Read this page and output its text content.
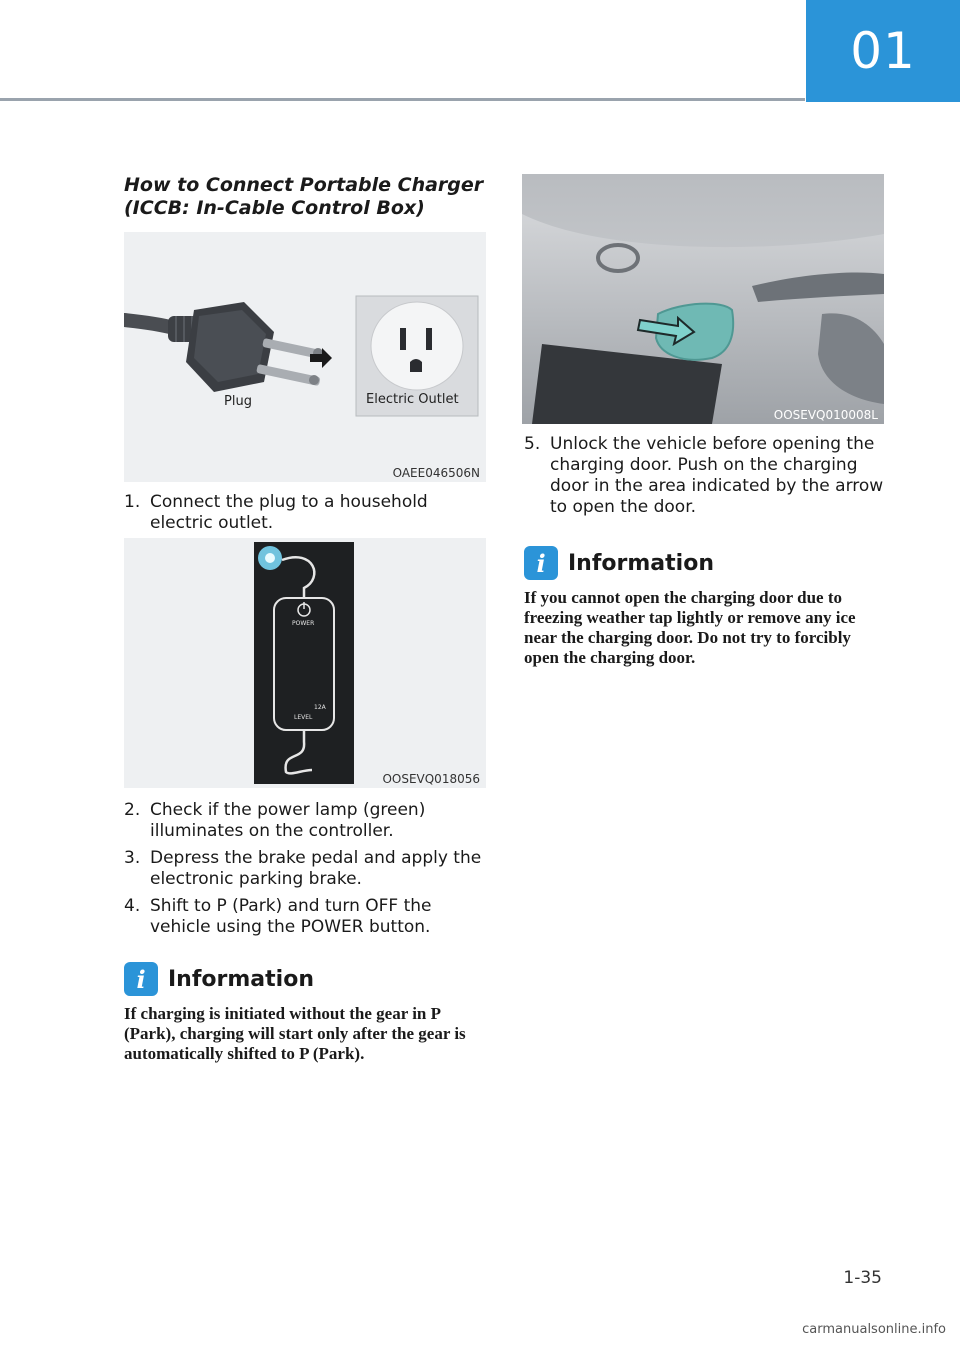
01
How to Connect Portable Charger (ICCB: In-Cable Control Box)
Plug	Electric Outlet
OAEE046506N
1. Connect the plug to a household electric outlet.
POWER
12A
LEVEL
OOSEVQ018056
2. Check if the power lamp (green) illuminates on the controller.
3. Depress the brake pedal and apply the electronic parking brake.
4. Shift to P (Park) and turn OFF the vehicle using the POWER button.
i	Information
If charging is initiated without the gear in P (Park), charging will start only after the gear is automatically shifted to P (Park).
OOSEVQ010008L
5. Unlock the vehicle before opening the charging door. Push on the charging door in the area indicated by the arrow to open the door.
i	Information
If you cannot open the charging door due to freezing weather tap lightly or remove any ice near the charging door. Do not try to forcibly open the charging door.
1-35
carmanualsonline.info
